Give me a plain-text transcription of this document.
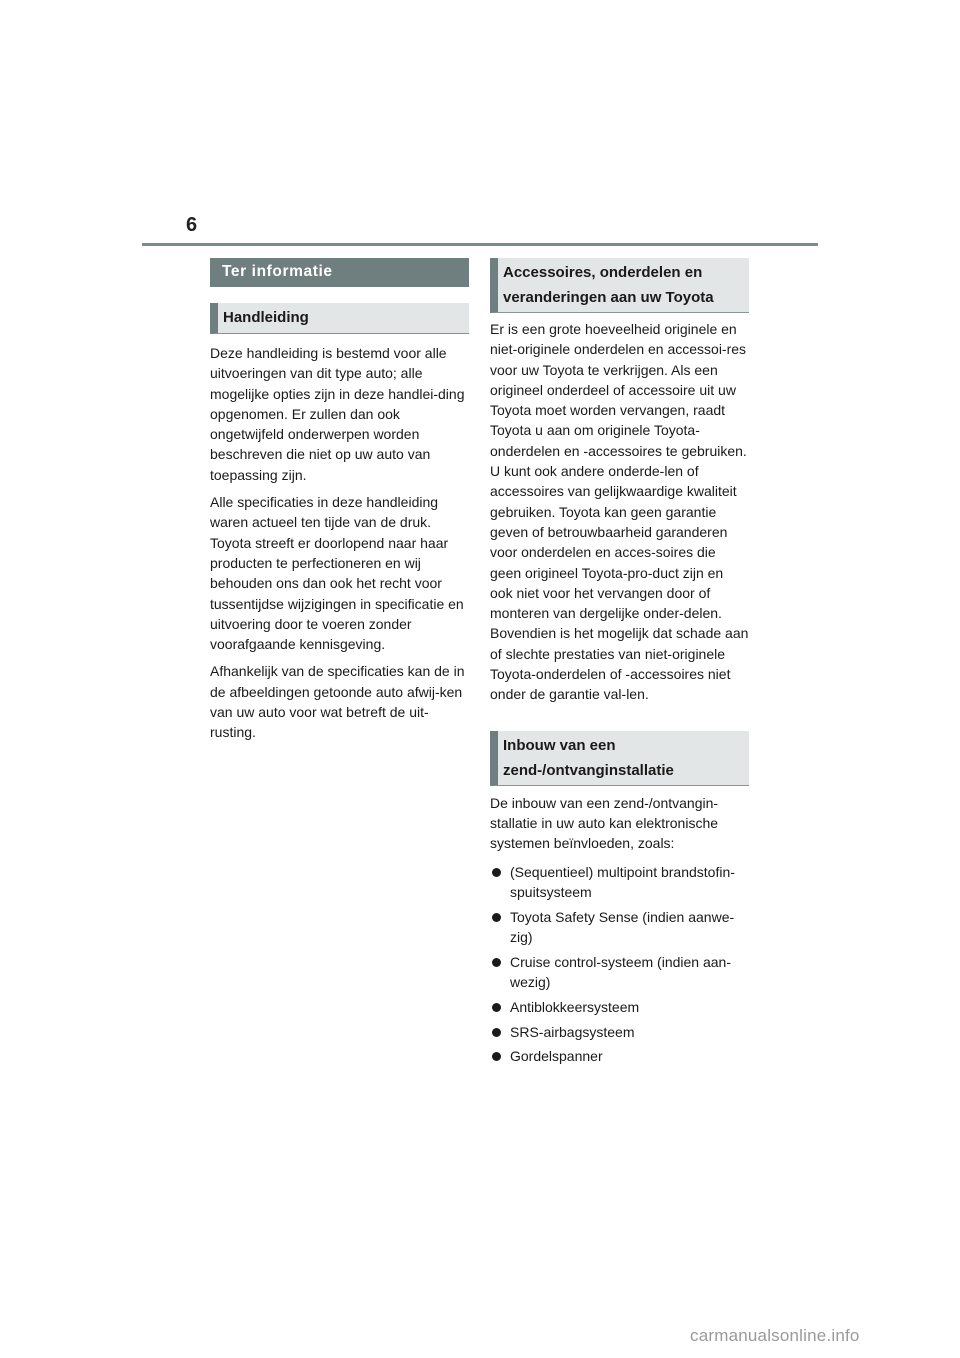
6
Ter informatie
Handleiding

Deze handleiding is bestemd voor alle uitvoeringen van dit type auto; alle mogelijke opties zijn in deze handlei-ding opgenomen. Er zullen dan ook ongetwijfeld onderwerpen worden beschreven die niet op uw auto van toepassing zijn.

Alle specificaties in deze handleiding waren actueel ten tijde van de druk. Toyota streeft er doorlopend naar haar producten te perfectioneren en wij behouden ons dan ook het recht voor tussentijdse wijzigingen in specificatie en uitvoering door te voeren zonder voorafgaande kennisgeving.

Afhankelijk van de specificaties kan de in de afbeeldingen getoonde auto afwij-ken van uw auto voor wat betreft de uit-rusting.

Accessoires, onderdelen en
veranderingen aan uw Toyota

Er is een grote hoeveelheid originele en niet-originele onderdelen en accessoi-res voor uw Toyota te verkrijgen. Als een origineel onderdeel of accessoire uit uw Toyota moet worden vervangen, raadt Toyota u aan om originele Toyota-onderdelen en -accessoires te gebruiken. U kunt ook andere onderde-len of accessoires van gelijkwaardige kwaliteit gebruiken. Toyota kan geen garantie geven of betrouwbaarheid garanderen voor onderdelen en acces-soires die geen origineel Toyota-pro-duct zijn en ook niet voor het vervangen door of monteren van dergelijke onder-delen. Bovendien is het mogelijk dat schade aan of slechte prestaties van niet-originele Toyota-onderdelen of -accessoires niet onder de garantie val-len.

Inbouw van een
zend-/ontvanginstallatie

De inbouw van een zend-/ontvangin-stallatie in uw auto kan elektronische systemen beïnvloeden, zoals:

(Sequentieel) multipoint brandstofin-spuitsysteem
Toyota Safety Sense (indien aanwe-zig)
Cruise control-systeem (indien aan-wezig)
Antiblokkeersysteem
SRS-airbagsysteem
Gordelspanner
carmanualsonline.info
